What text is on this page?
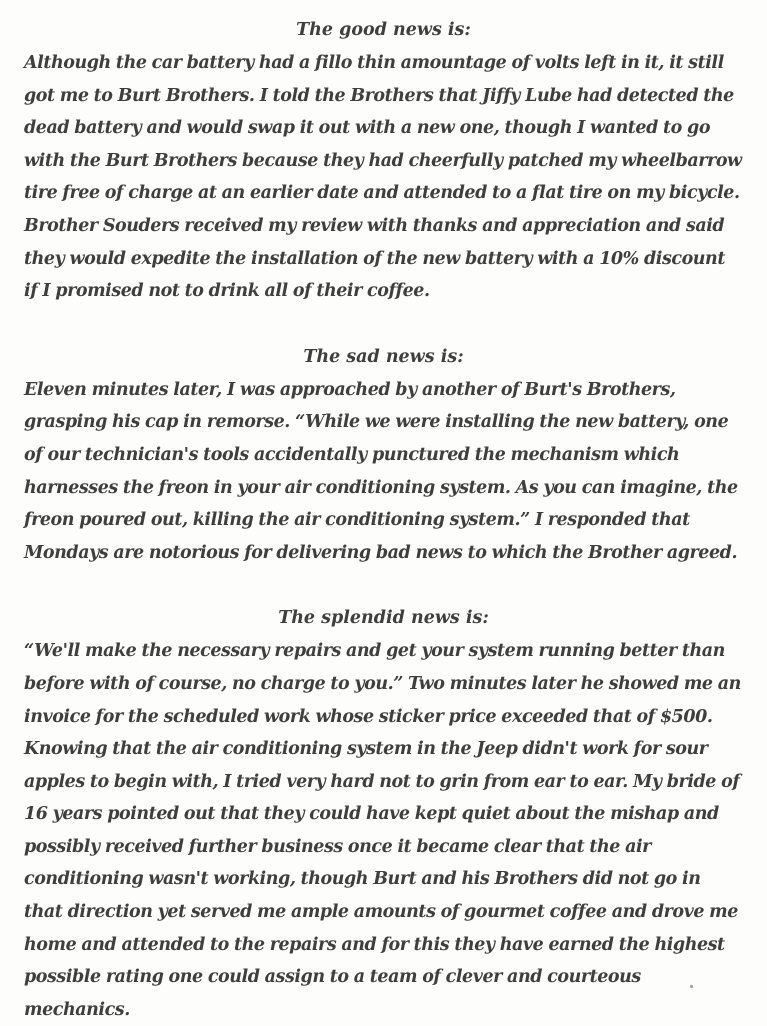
The good news is:

Although the car battery had a fillo thin amountage of volts left in it, it still got me to Burt Brothers. I told the Brothers that Jiffy Lube had detected the dead battery and would swap it out with a new one, though I wanted to go with the Burt Brothers because they had cheerfully patched my wheelbarrow tire free of charge at an earlier date and attended to a flat tire on my bicycle. Brother Souders received my review with thanks and appreciation and said they would expedite the installation of the new battery with a 10% discount if I promised not to drink all of their coffee.

The sad news is:

Eleven minutes later, I was approached by another of Burt's Brothers, grasping his cap in remorse. “While we were installing the new battery, one of our technician's tools accidentally punctured the mechanism which harnesses the freon in your air conditioning system. As you can imagine, the freon poured out, killing the air conditioning system.” I responded that Mondays are notorious for delivering bad news to which the Brother agreed.

The splendid news is:

“We'll make the necessary repairs and get your system running better than before with of course, no charge to you.” Two minutes later he showed me an invoice for the scheduled work whose sticker price exceeded that of $500. Knowing that the air conditioning system in the Jeep didn't work for sour apples to begin with, I tried very hard not to grin from ear to ear. My bride of 16 years pointed out that they could have kept quiet about the mishap and possibly received further business once it became clear that the air conditioning wasn't working, though Burt and his Brothers did not go in that direction yet served me ample amounts of gourmet coffee and drove me home and attended to the repairs and for this they have earned the highest possible rating one could assign to a team of clever and courteous mechanics.
